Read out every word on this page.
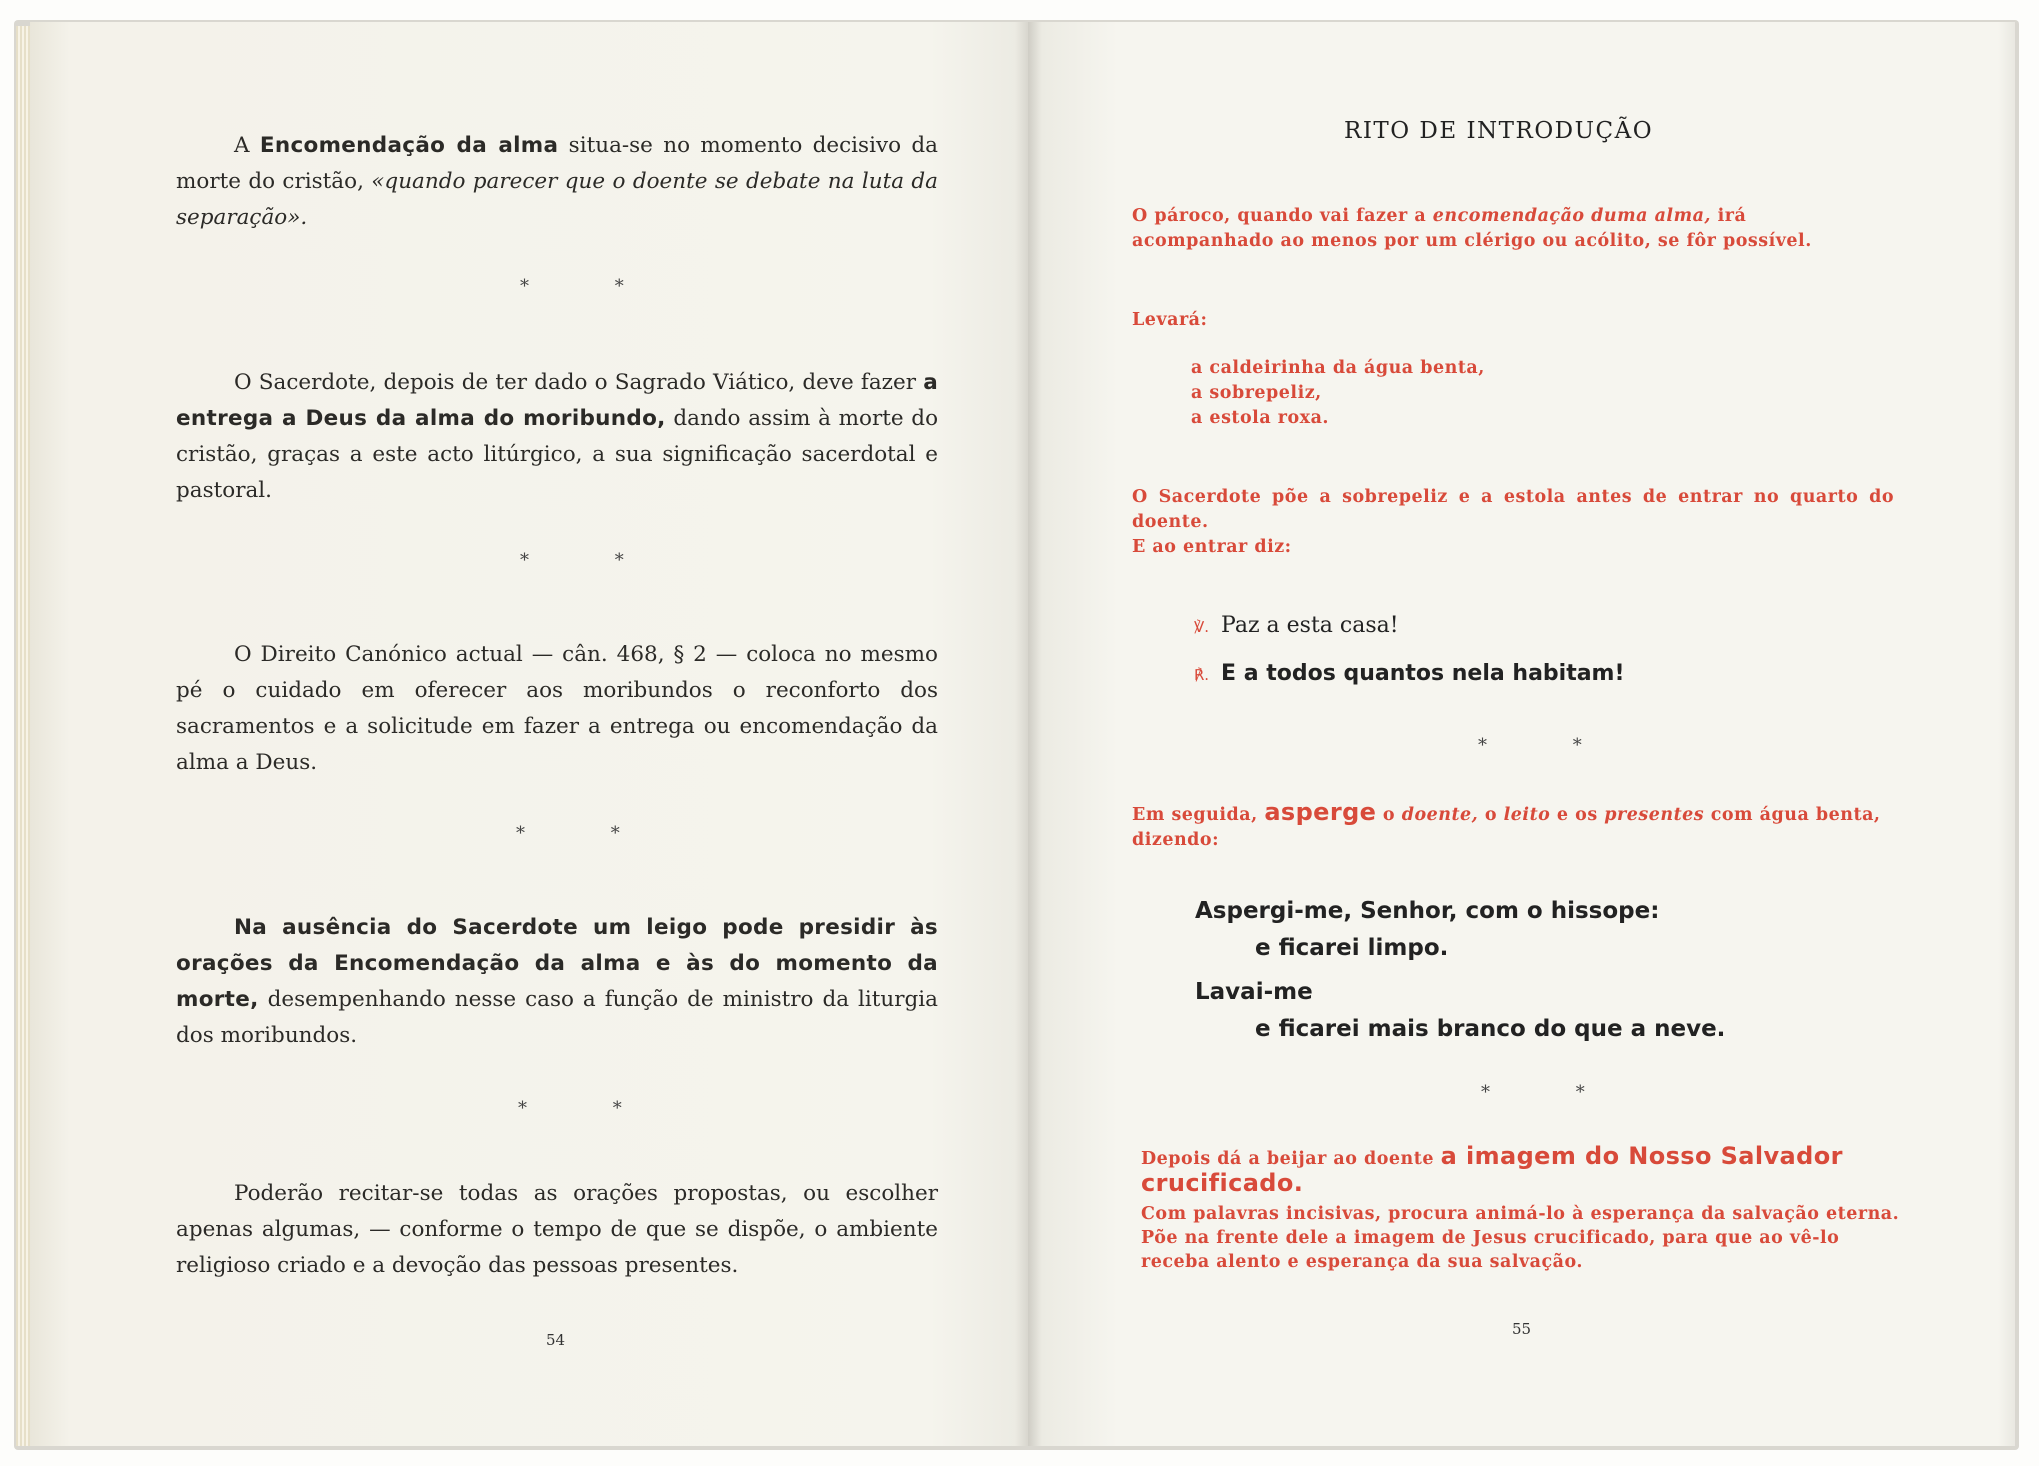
A Encomendação da alma situa-se no momento decisivo da morte do cristão, «quando parecer que o doente se debate na luta da separação».

* *

O Sacerdote, depois de ter dado o Sagrado Viático, deve fazer a entrega a Deus da alma do moribundo, dando assim à morte do cristão, graças a este acto litúrgico, a sua significação sacerdotal e pastoral.

* *

O Direito Canónico actual — cân. 468, § 2 — coloca no mesmo pé o cuidado em oferecer aos moribundos o reconforto dos sacramentos e a solicitude em fazer a entrega ou encomendação da alma a Deus.

* *

Na ausência do Sacerdote um leigo pode presidir às orações da Encomendação da alma e às do momento da morte, desempenhando nesse caso a função de ministro da liturgia dos moribundos.

* *

Poderão recitar-se todas as orações propostas, ou escolher apenas algumas, — conforme o tempo de que se dispõe, o ambiente religioso criado e a devoção das pessoas presentes.

54
RITO DE INTRODUÇÃO

O pároco, quando vai fazer a encomendação duma alma, irá acompanhado ao menos por um clérigo ou acólito, se fôr possível.

Levará:

a caldeirinha da água benta,

a sobrepeliz,

a estola roxa.

O Sacerdote põe a sobrepeliz e a estola antes de entrar no quarto do doente.

E ao entrar diz:

℣. Paz a esta casa!
℟. E a todos quantos nela habitam!
* *

Em seguida, asperge o doente, o leito e os presentes com água benta, dizendo:

Aspergi-me, Senhor, com o hissope:
e ficarei limpo.
Lavai-me
e ficarei mais branco do que a neve.
* *

Depois dá a beijar ao doente a imagem do Nosso Salvador crucificado.

Com palavras incisivas, procura animá-lo à esperança da salvação eterna. Põe na frente dele a imagem de Jesus crucificado, para que ao vê-lo receba alento e esperança da sua salvação.

55
